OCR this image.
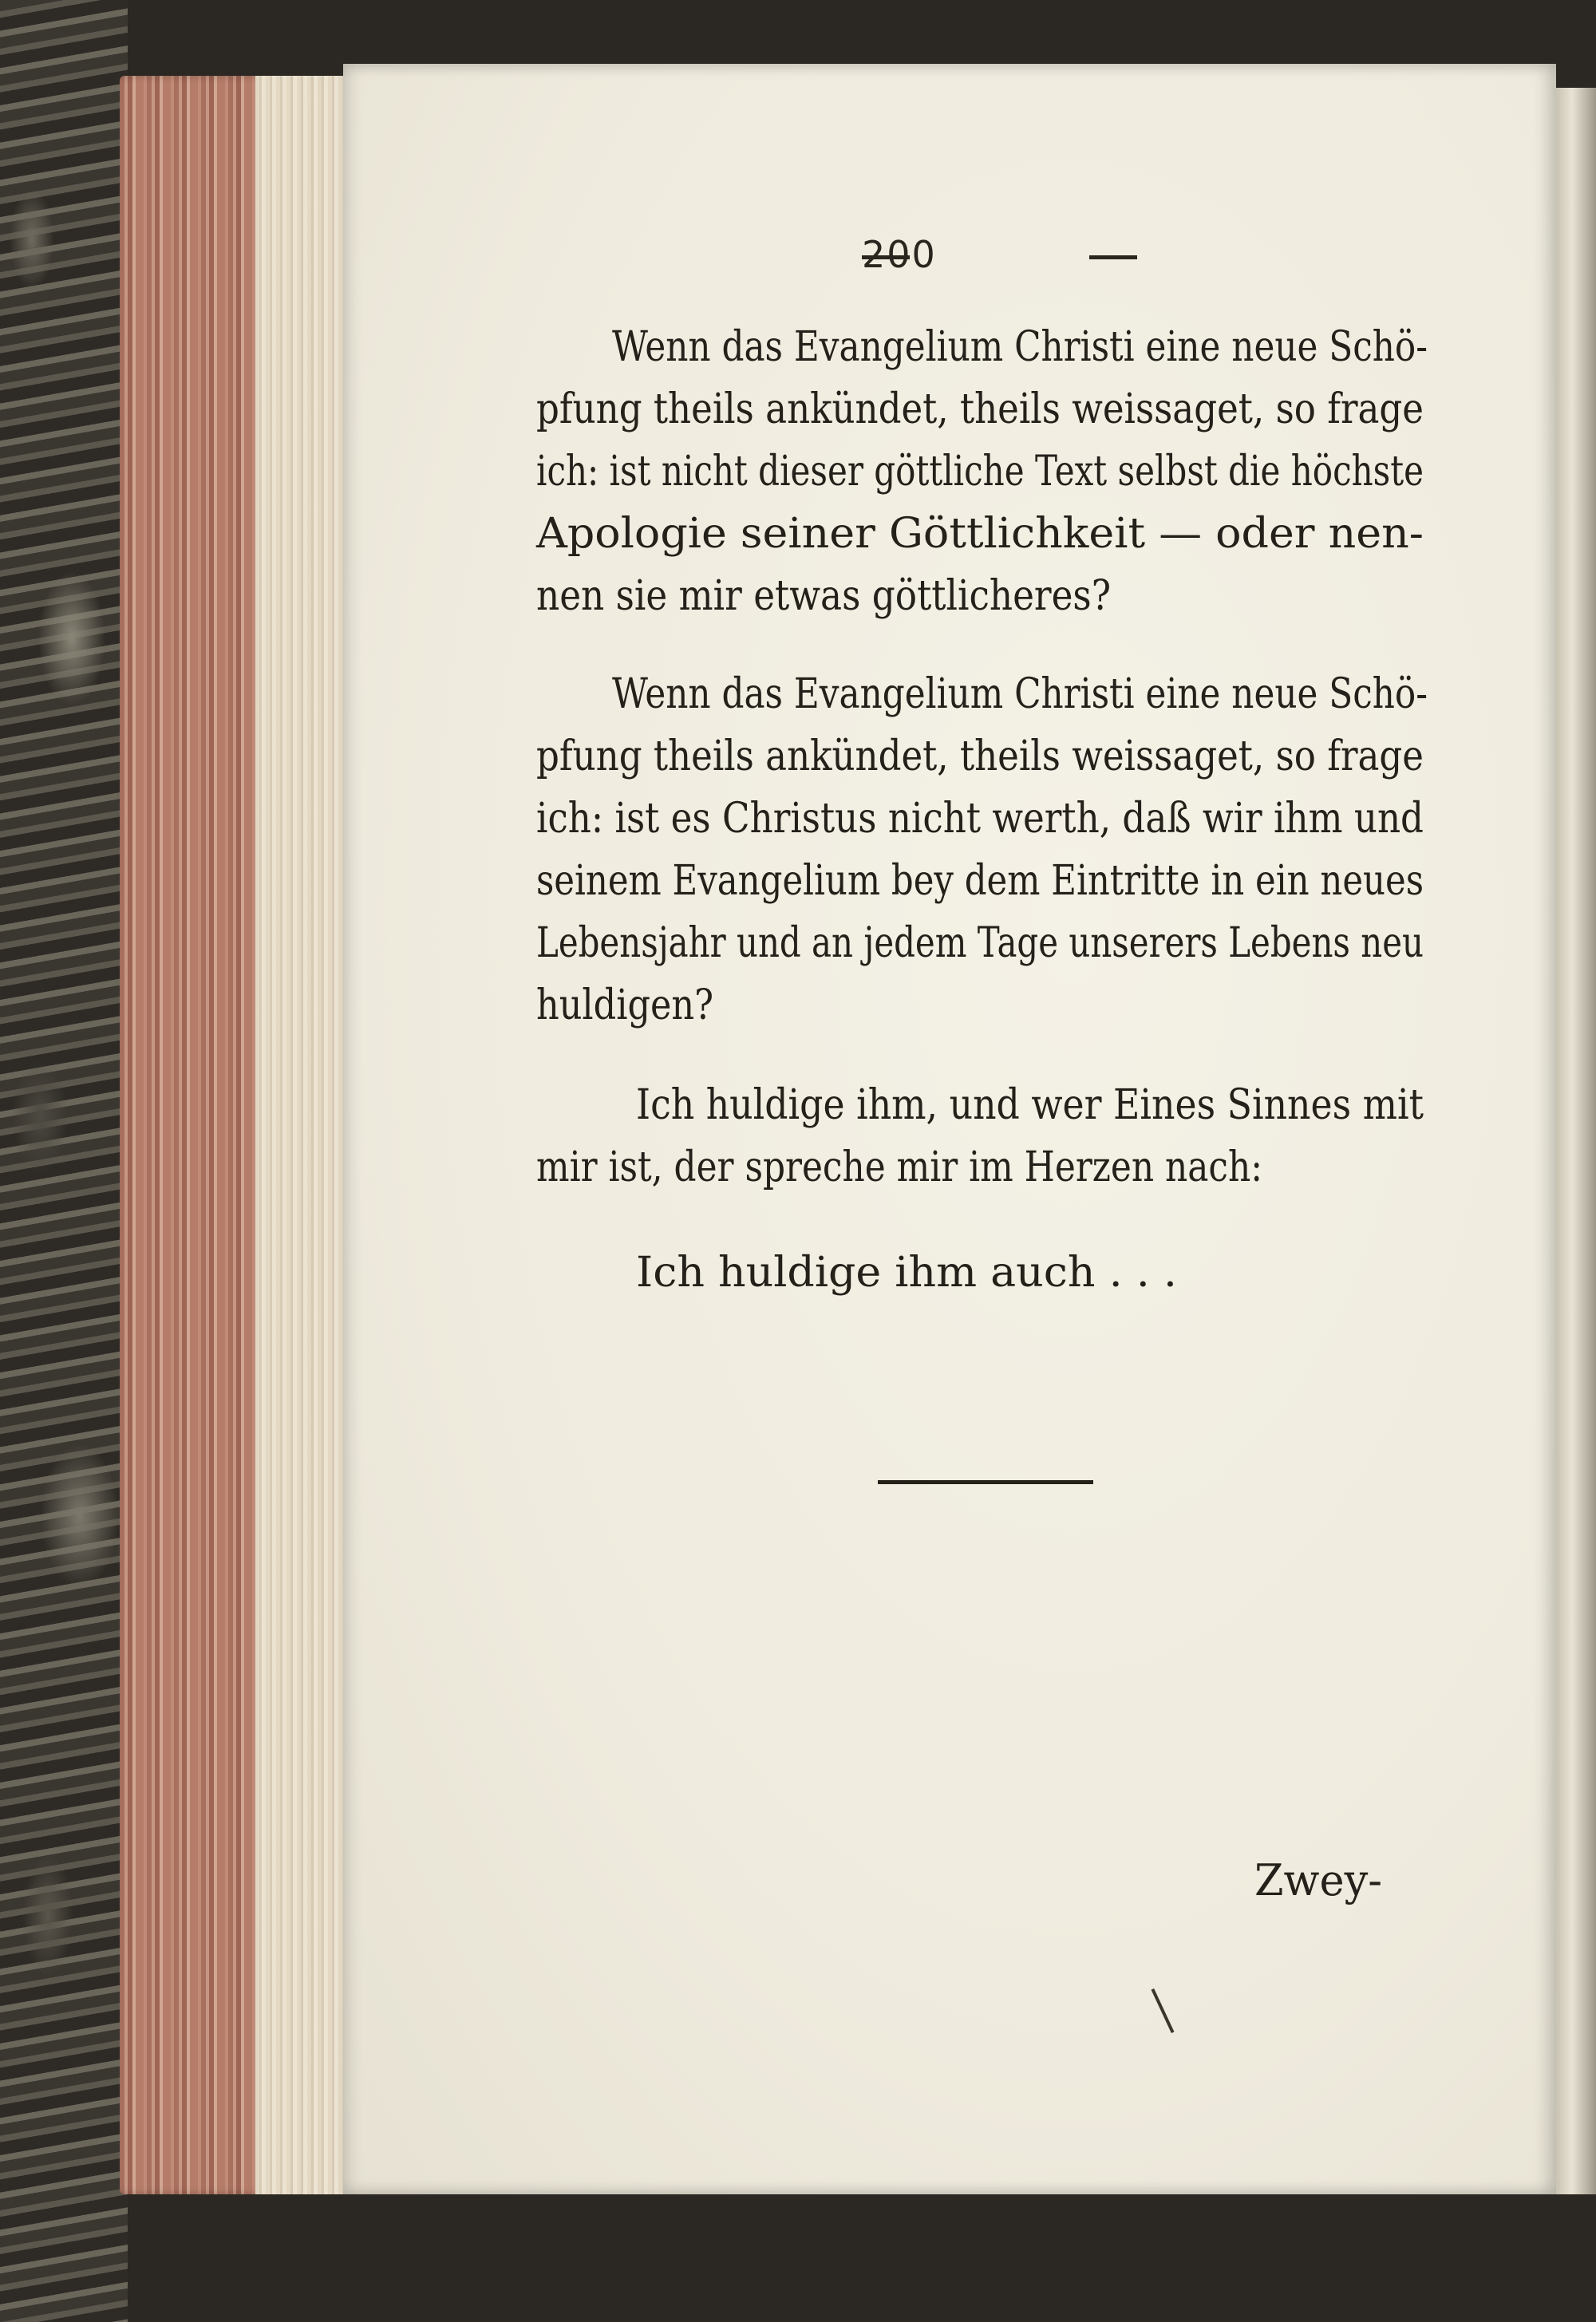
200
Wenn das Evangelium Christi eine neue Schö-
pfung theils ankündet, theils weissaget, so frage
ich: ist nicht dieser göttliche Text selbst die höchste
Apologie seiner Göttlichkeit — oder nen-
nen sie mir etwas göttlicheres?
Wenn das Evangelium Christi eine neue Schö-
pfung theils ankündet, theils weissaget, so frage
ich: ist es Christus nicht werth, daß wir ihm und
seinem Evangelium bey dem Eintritte in ein neues
Lebensjahr und an jedem Tage unserers Lebens neu
huldigen?
Ich huldige ihm, und wer Eines Sinnes mit
mir ist, der spreche mir im Herzen nach:
Ich huldige ihm auch . . .
Zwey-
